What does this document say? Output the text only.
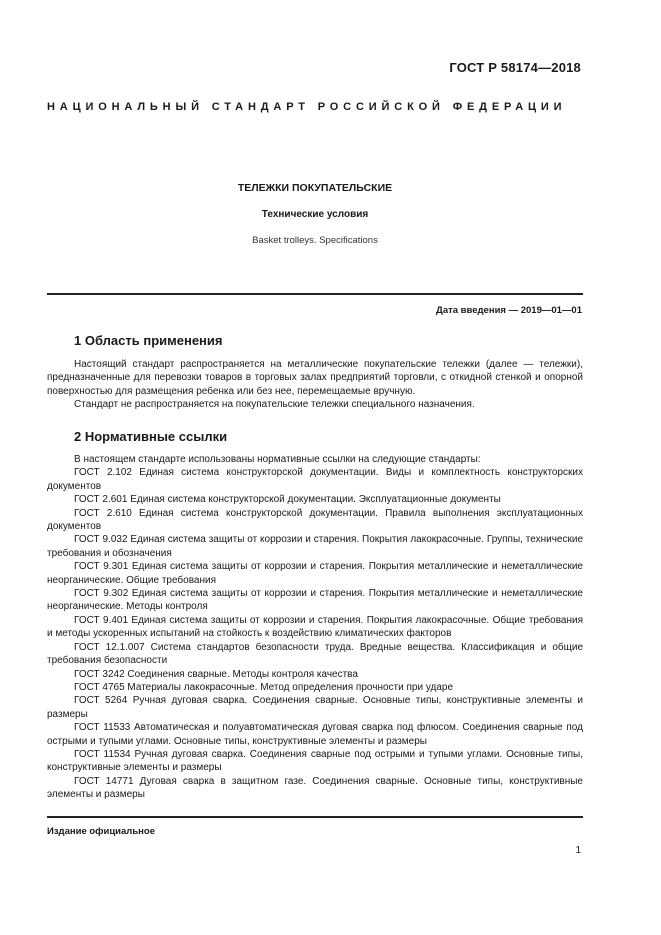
ГОСТ Р 58174—2018
НАЦИОНАЛЬНЫЙ СТАНДАРТ РОССИЙСКОЙ ФЕДЕРАЦИИ
ТЕЛЕЖКИ ПОКУПАТЕЛЬСКИЕ
Технические условия
Basket trolleys. Specifications
Дата введения — 2019—01—01
1 Область применения

Настоящий стандарт распространяется на металлические покупательские тележки (далее — тележки), предназначенные для перевозки товаров в торговых залах предприятий торговли, с откидной стенкой и опорной поверхностью для размещения ребенка или без нее, перемещаемые вручную.

Стандарт не распространяется на покупательские тележки специального назначения.

2 Нормативные ссылки

В настоящем стандарте использованы нормативные ссылки на следующие стандарты:

ГОСТ 2.102 Единая система конструкторской документации. Виды и комплектность конструкторских документов

ГОСТ 2.601 Единая система конструкторской документации. Эксплуатационные документы

ГОСТ 2.610 Единая система конструкторской документации. Правила выполнения эксплуатационных документов

ГОСТ 9.032 Единая система защиты от коррозии и старения. Покрытия лакокрасочные. Группы, технические требования и обозначения

ГОСТ 9.301 Единая система защиты от коррозии и старения. Покрытия металлические и неметаллические неорганические. Общие требования

ГОСТ 9.302 Единая система защиты от коррозии и старения. Покрытия металлические и неметаллические неорганические. Методы контроля

ГОСТ 9.401 Единая система защиты от коррозии и старения. Покрытия лакокрасочные. Общие требования и методы ускоренных испытаний на стойкость к воздействию климатических факторов

ГОСТ 12.1.007 Система стандартов безопасности труда. Вредные вещества. Классификация и общие требования безопасности

ГОСТ 3242 Соединения сварные. Методы контроля качества

ГОСТ 4765 Материалы лакокрасочные. Метод определения прочности при ударе

ГОСТ 5264 Ручная дуговая сварка. Соединения сварные. Основные типы, конструктивные элементы и размеры

ГОСТ 11533 Автоматическая и полуавтоматическая дуговая сварка под флюсом. Соединения сварные под острыми и тупыми углами. Основные типы, конструктивные элементы и размеры

ГОСТ 11534 Ручная дуговая сварка. Соединения сварные под острыми и тупыми углами. Основные типы, конструктивные элементы и размеры

ГОСТ 14771 Дуговая сварка в защитном газе. Соединения сварные. Основные типы, конструктивные элементы и размеры

Издание официальное
1
